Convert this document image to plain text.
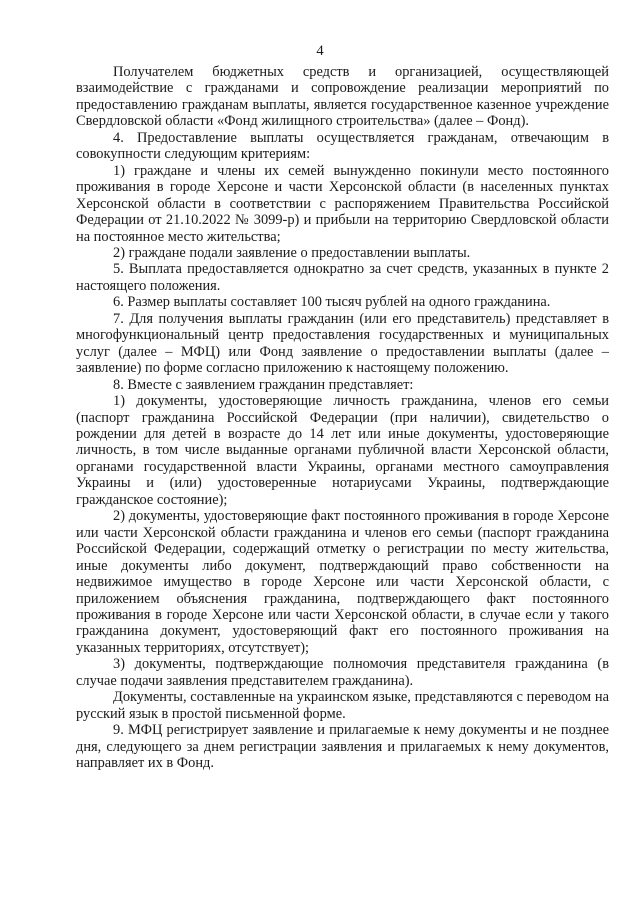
4

Получателем бюджетных средств и организацией, осуществляющей взаимодействие с гражданами и сопровождение реализации мероприятий по предоставлению гражданам выплаты, является государственное казенное учреждение Свердловской области «Фонд жилищного строительства» (далее – Фонд).

4. Предоставление выплаты осуществляется гражданам, отвечающим в совокупности следующим критериям:

1) граждане и члены их семей вынужденно покинули место постоянного проживания в городе Херсоне и части Херсонской области (в населенных пунктах Херсонской области в соответствии с распоряжением Правительства Российской Федерации от 21.10.2022 № 3099-р) и прибыли на территорию Свердловской области на постоянное место жительства;

2) граждане подали заявление о предоставлении выплаты.

5. Выплата предоставляется однократно за счет средств, указанных в пункте 2 настоящего положения.

6. Размер выплаты составляет 100 тысяч рублей на одного гражданина.

7. Для получения выплаты гражданин (или его представитель) представляет в многофункциональный центр предоставления государственных и муниципальных услуг (далее – МФЦ) или Фонд заявление о предоставлении выплаты (далее – заявление) по форме согласно приложению к настоящему положению.

8. Вместе с заявлением гражданин представляет:

1) документы, удостоверяющие личность гражданина, членов его семьи (паспорт гражданина Российской Федерации (при наличии), свидетельство о рождении для детей в возрасте до 14 лет или иные документы, удостоверяющие личность, в том числе выданные органами публичной власти Херсонской области, органами государственной власти Украины, органами местного самоуправления Украины и (или) удостоверенные нотариусами Украины, подтверждающие гражданское состояние);

2) документы, удостоверяющие факт постоянного проживания в городе Херсоне или части Херсонской области гражданина и членов его семьи (паспорт гражданина Российской Федерации, содержащий отметку о регистрации по месту жительства, иные документы либо документ, подтверждающий право собственности на недвижимое имущество в городе Херсоне или части Херсонской области, с приложением объяснения гражданина, подтверждающего факт постоянного проживания в городе Херсоне или части Херсонской области, в случае если у такого гражданина документ, удостоверяющий факт его постоянного проживания на указанных территориях, отсутствует);

3) документы, подтверждающие полномочия представителя гражданина (в случае подачи заявления представителем гражданина).

Документы, составленные на украинском языке, представляются с переводом на русский язык в простой письменной форме.

9. МФЦ регистрирует заявление и прилагаемые к нему документы и не позднее дня, следующего за днем регистрации заявления и прилагаемых к нему документов, направляет их в Фонд.
